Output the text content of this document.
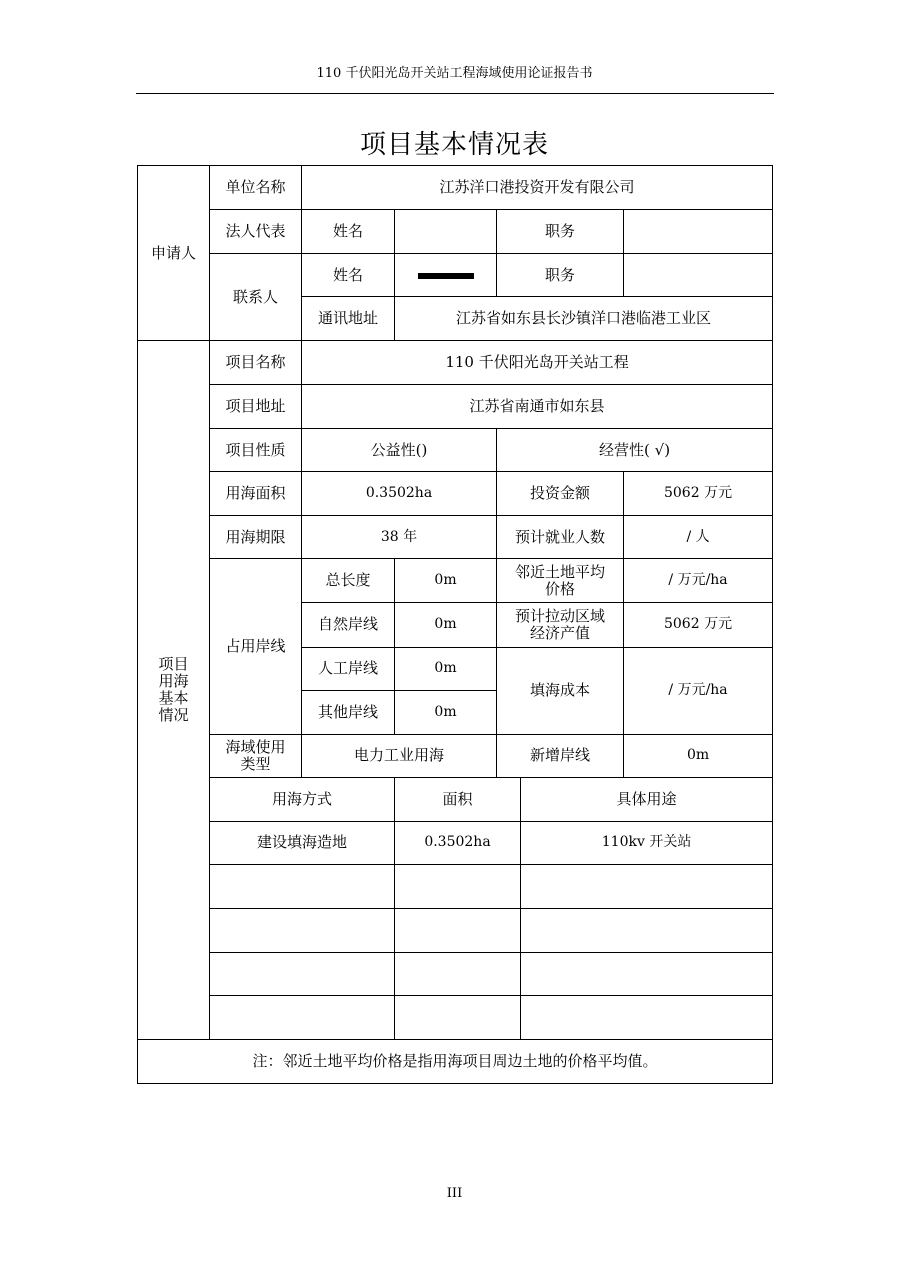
110 千伏阳光岛开关站工程海域使用论证报告书
项目基本情况表
申请人	单位名称	江苏洋口港投资开发有限公司				
	法人代表	姓名		职务		
	联系人	姓名		职务		
		通讯地址	江苏省如东县长沙镇洋口港临港工业区			
项目
用海
基本
情况	项目名称	110 千伏阳光岛开关站工程				
	项目地址	江苏省南通市如东县				
	项目性质	公益性()		经营性( √)		
	用海面积	0.3502ha		投资金额		5062 万元
	用海期限	38 年		预计就业人数		/ 人
	占用岸线	总长度	0m	邻近土地平均价格		/ 万元/ha
		自然岸线	0m	预计拉动区域经济产值		5062 万元
		人工岸线	0m	填海成本		/ 万元/ha
		其他岸线	0m			
	海域使用类型	电力工业用海		新增岸线		0m
	用海方式		面积		具体用途	
	建设填海造地		0.3502ha		110kv 开关站	

注：邻近土地平均价格是指用海项目周边土地的价格平均值。						
III
